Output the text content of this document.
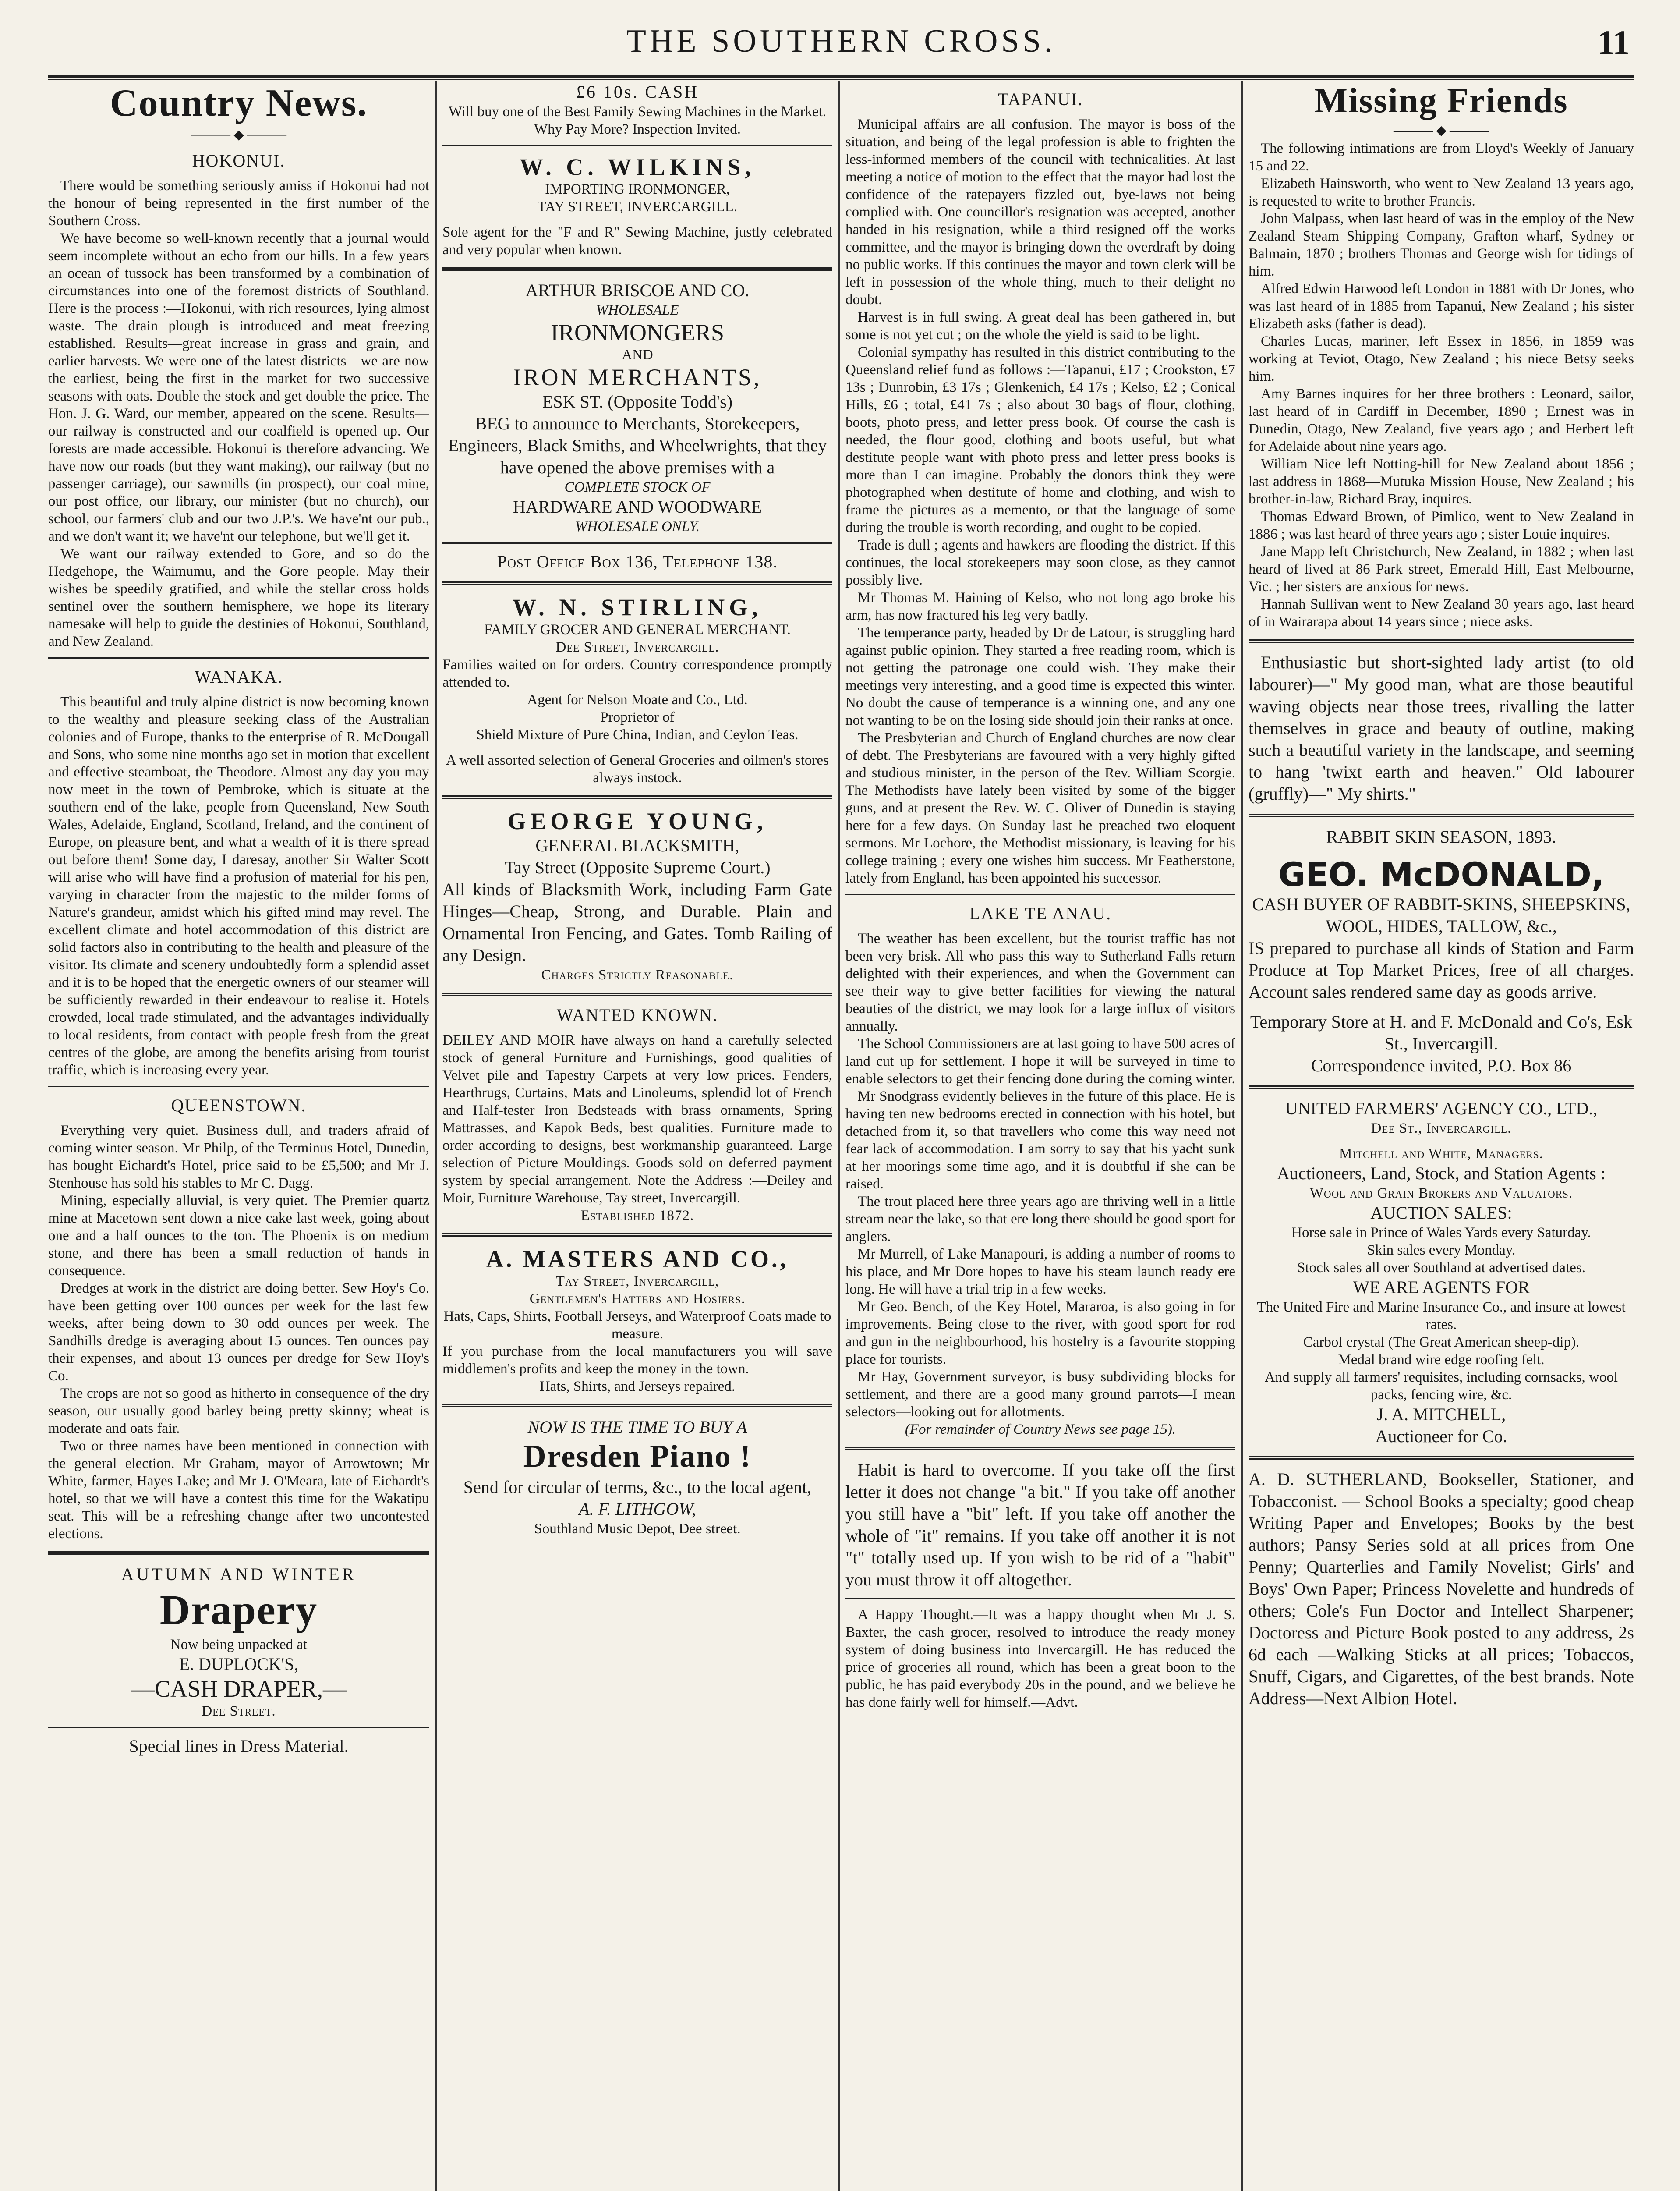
THE SOUTHERN CROSS.	11
Country News.
——— ◆ ———
HOKONUI.

There would be something seriously amiss if Hokonui had not the honour of being represented in the first number of the Southern Cross.

We have become so well-known recently that a journal would seem incomplete without an echo from our hills. In a few years an ocean of tussock has been transformed by a combination of circumstances into one of the foremost districts of Southland. Here is the process :—Hokonui, with rich resources, lying almost waste. The drain plough is introduced and meat freezing established. Results—great increase in grass and grain, and earlier harvests. We were one of the latest districts—we are now the earliest, being the first in the market for two successive seasons with oats. Double the stock and get double the price. The Hon. J. G. Ward, our member, appeared on the scene. Results—our railway is constructed and our coalfield is opened up. Our forests are made accessible. Hokonui is therefore advancing. We have now our roads (but they want making), our railway (but no passenger carriage), our sawmills (in prospect), our coal mine, our post office, our library, our minister (but no church), our school, our farmers' club and our two J.P.'s. We have'nt our pub., and we don't want it; we have'nt our telephone, but we'll get it.

We want our railway extended to Gore, and so do the Hedgehope, the Waimumu, and the Gore people. May their wishes be speedily gratified, and while the stellar cross holds sentinel over the southern hemisphere, we hope its literary namesake will help to guide the destinies of Hokonui, Southland, and New Zealand.

WANAKA.

This beautiful and truly alpine district is now becoming known to the wealthy and pleasure seeking class of the Australian colonies and of Europe, thanks to the enterprise of R. McDougall and Sons, who some nine months ago set in motion that excellent and effective steamboat, the Theodore. Almost any day you may now meet in the town of Pembroke, which is situate at the southern end of the lake, people from Queensland, New South Wales, Adelaide, England, Scotland, Ireland, and the continent of Europe, on pleasure bent, and what a wealth of it is there spread out before them! Some day, I daresay, another Sir Walter Scott will arise who will have find a profusion of material for his pen, varying in character from the majestic to the milder forms of Nature's grandeur, amidst which his gifted mind may revel. The excellent climate and hotel accommodation of this district are solid factors also in contributing to the health and pleasure of the visitor. Its climate and scenery undoubtedly form a splendid asset and it is to be hoped that the energetic owners of our steamer will be sufficiently rewarded in their endeavour to realise it. Hotels crowded, local trade stimulated, and the advantages individually to local residents, from contact with people fresh from the great centres of the globe, are among the benefits arising from tourist traffic, which is increasing every year.

QUEENSTOWN.

Everything very quiet. Business dull, and traders afraid of coming winter season. Mr Philp, of the Terminus Hotel, Dunedin, has bought Eichardt's Hotel, price said to be £5,500; and Mr J. Stenhouse has sold his stables to Mr C. Dagg.

Mining, especially alluvial, is very quiet. The Premier quartz mine at Macetown sent down a nice cake last week, going about one and a half ounces to the ton. The Phoenix is on medium stone, and there has been a small reduction of hands in consequence.

Dredges at work in the district are doing better. Sew Hoy's Co. have been getting over 100 ounces per week for the last few weeks, after being down to 30 odd ounces per week. The Sandhills dredge is averaging about 15 ounces. Ten ounces pay their expenses, and about 13 ounces per dredge for Sew Hoy's Co.

The crops are not so good as hitherto in consequence of the dry season, our usually good barley being pretty skinny; wheat is moderate and oats fair.

Two or three names have been mentioned in connection with the general election. Mr Graham, mayor of Arrowtown; Mr White, farmer, Hayes Lake; and Mr J. O'Meara, late of Eichardt's hotel, so that we will have a contest this time for the Wakatipu seat. This will be a refreshing change after two uncontested elections.

AUTUMN AND WINTER

Drapery

Now being unpacked at

E. DUPLOCK'S,

—CASH DRAPER,—

Dee Street.

Special lines in Dress Material.

£6 10s. CASH

Will buy one of the Best Family Sewing Machines in the Market.

Why Pay More? Inspection Invited.

W. C. WILKINS,

IMPORTING IRONMONGER,

TAY STREET, INVERCARGILL.

Sole agent for the "F and R" Sewing Machine, justly celebrated and very popular when known.

ARTHUR BRISCOE AND CO.

WHOLESALE

IRONMONGERS

AND

IRON MERCHANTS,

ESK ST. (Opposite Todd's)

BEG to announce to Merchants, Storekeepers, Engineers, Black Smiths, and Wheelwrights, that they have opened the above premises with a

COMPLETE STOCK OF

HARDWARE AND WOODWARE

WHOLESALE ONLY.

Post Office Box 136, Telephone 138.

W. N. STIRLING,

FAMILY GROCER AND GENERAL MERCHANT.

Dee Street, Invercargill.

Families waited on for orders. Country correspondence promptly attended to.

Agent for Nelson Moate and Co., Ltd.

Proprietor of

Shield Mixture of Pure China, Indian, and Ceylon Teas.

A well assorted selection of General Groceries and oilmen's stores always instock.

GEORGE YOUNG,

GENERAL BLACKSMITH,

Tay Street (Opposite Supreme Court.)

All kinds of Blacksmith Work, including Farm Gate Hinges—Cheap, Strong, and Durable. Plain and Ornamental Iron Fencing, and Gates. Tomb Railing of any Design.

Charges Strictly Reasonable.

WANTED KNOWN.

DEILEY AND MOIR have always on hand a carefully selected stock of general Furniture and Furnishings, good qualities of Velvet pile and Tapestry Carpets at very low prices. Fenders, Hearthrugs, Curtains, Mats and Linoleums, splendid lot of French and Half-tester Iron Bedsteads with brass ornaments, Spring Mattrasses, and Kapok Beds, best qualities. Furniture made to order according to designs, best workmanship guaranteed. Large selection of Picture Mouldings. Goods sold on deferred payment system by special arrangement. Note the Address :—Deiley and Moir, Furniture Warehouse, Tay street, Invercargill.

Established 1872.

A. MASTERS AND CO.,

Tay Street, Invercargill,

Gentlemen's Hatters and Hosiers.

Hats, Caps, Shirts, Football Jerseys, and Waterproof Coats made to measure.

If you purchase from the local manufacturers you will save middlemen's profits and keep the money in the town.

Hats, Shirts, and Jerseys repaired.

NOW IS THE TIME TO BUY A

Dresden Piano !

Send for circular of terms, &c., to the local agent,

A. F. LITHGOW,

Southland Music Depot, Dee street.

TAPANUI.

Municipal affairs are all confusion. The mayor is boss of the situation, and being of the legal profession is able to frighten the less-informed members of the council with technicalities. At last meeting a notice of motion to the effect that the mayor had lost the confidence of the ratepayers fizzled out, bye-laws not being complied with. One councillor's resignation was accepted, another handed in his resignation, while a third resigned off the works committee, and the mayor is bringing down the overdraft by doing no public works. If this continues the mayor and town clerk will be left in possession of the whole thing, much to their delight no doubt.

Harvest is in full swing. A great deal has been gathered in, but some is not yet cut ; on the whole the yield is said to be light.

Colonial sympathy has resulted in this district contributing to the Queensland relief fund as follows :—Tapanui, £17 ; Crookston, £7 13s ; Dunrobin, £3 17s ; Glenkenich, £4 17s ; Kelso, £2 ; Conical Hills, £6 ; total, £41 7s ; also about 30 bags of flour, clothing, boots, photo press, and letter press book. Of course the cash is needed, the flour good, clothing and boots useful, but what destitute people want with photo press and letter press books is more than I can imagine. Probably the donors think they were photographed when destitute of home and clothing, and wish to frame the pictures as a memento, or that the language of some during the trouble is worth recording, and ought to be copied.

Trade is dull ; agents and hawkers are flooding the district. If this continues, the local storekeepers may soon close, as they cannot possibly live.

Mr Thomas M. Haining of Kelso, who not long ago broke his arm, has now fractured his leg very badly.

The temperance party, headed by Dr de Latour, is struggling hard against public opinion. They started a free reading room, which is not getting the patronage one could wish. They make their meetings very interesting, and a good time is expected this winter. No doubt the cause of temperance is a winning one, and any one not wanting to be on the losing side should join their ranks at once.

The Presbyterian and Church of England churches are now clear of debt. The Presbyterians are favoured with a very highly gifted and studious minister, in the person of the Rev. William Scorgie. The Methodists have lately been visited by some of the bigger guns, and at present the Rev. W. C. Oliver of Dunedin is staying here for a few days. On Sunday last he preached two eloquent sermons. Mr Lochore, the Methodist missionary, is leaving for his college training ; every one wishes him success. Mr Featherstone, lately from England, has been appointed his successor.

LAKE TE ANAU.

The weather has been excellent, but the tourist traffic has not been very brisk. All who pass this way to Sutherland Falls return delighted with their experiences, and when the Government can see their way to give better facilities for viewing the natural beauties of the district, we may look for a large influx of visitors annually.

The School Commissioners are at last going to have 500 acres of land cut up for settlement. I hope it will be surveyed in time to enable selectors to get their fencing done during the coming winter.

Mr Snodgrass evidently believes in the future of this place. He is having ten new bedrooms erected in connection with his hotel, but detached from it, so that travellers who come this way need not fear lack of accommodation. I am sorry to say that his yacht sunk at her moorings some time ago, and it is doubtful if she can be raised.

The trout placed here three years ago are thriving well in a little stream near the lake, so that ere long there should be good sport for anglers.

Mr Murrell, of Lake Manapouri, is adding a number of rooms to his place, and Mr Dore hopes to have his steam launch ready ere long. He will have a trial trip in a few weeks.

Mr Geo. Bench, of the Key Hotel, Mararoa, is also going in for improvements. Being close to the river, with good sport for rod and gun in the neighbourhood, his hostelry is a favourite stopping place for tourists.

Mr Hay, Government surveyor, is busy subdividing blocks for settlement, and there are a good many ground parrots—I mean selectors—looking out for allotments.

(For remainder of Country News see page 15).

Habit is hard to overcome. If you take off the first letter it does not change "a bit." If you take off another you still have a "bit" left. If you take off another the whole of "it" remains. If you take off another it is not "t" totally used up. If you wish to be rid of a "habit" you must throw it off altogether.

A Happy Thought.—It was a happy thought when Mr J. S. Baxter, the cash grocer, resolved to introduce the ready money system of doing business into Invercargill. He has reduced the price of groceries all round, which has been a great boon to the public, he has paid everybody 20s in the pound, and we believe he has done fairly well for himself.—Advt.

Missing Friends
——— ◆ ———

The following intimations are from Lloyd's Weekly of January 15 and 22.

Elizabeth Hainsworth, who went to New Zealand 13 years ago, is requested to write to brother Francis.

John Malpass, when last heard of was in the employ of the New Zealand Steam Shipping Company, Grafton wharf, Sydney or Balmain, 1870 ; brothers Thomas and George wish for tidings of him.

Alfred Edwin Harwood left London in 1881 with Dr Jones, who was last heard of in 1885 from Tapanui, New Zealand ; his sister Elizabeth asks (father is dead).

Charles Lucas, mariner, left Essex in 1856, in 1859 was working at Teviot, Otago, New Zealand ; his niece Betsy seeks him.

Amy Barnes inquires for her three brothers : Leonard, sailor, last heard of in Cardiff in December, 1890 ; Ernest was in Dunedin, Otago, New Zealand, five years ago ; and Herbert left for Adelaide about nine years ago.

William Nice left Notting-hill for New Zealand about 1856 ; last address in 1868—Mutuka Mission House, New Zealand ; his brother-in-law, Richard Bray, inquires.

Thomas Edward Brown, of Pimlico, went to New Zealand in 1886 ; was last heard of three years ago ; sister Louie inquires.

Jane Mapp left Christchurch, New Zealand, in 1882 ; when last heard of lived at 86 Park street, Emerald Hill, East Melbourne, Vic. ; her sisters are anxious for news.

Hannah Sullivan went to New Zealand 30 years ago, last heard of in Wairarapa about 14 years since ; niece asks.

Enthusiastic but short-sighted lady artist (to old labourer)—" My good man, what are those beautiful waving objects near those trees, rivalling the latter themselves in grace and beauty of outline, making such a beautiful variety in the landscape, and seeming to hang 'twixt earth and heaven." Old labourer (gruffly)—" My shirts."

RABBIT SKIN SEASON, 1893.

GEO. McDONALD,

CASH BUYER OF RABBIT-SKINS, SHEEPSKINS, WOOL, HIDES, TALLOW, &c.,

IS prepared to purchase all kinds of Station and Farm Produce at Top Market Prices, free of all charges. Account sales rendered same day as goods arrive.

Temporary Store at H. and F. McDonald and Co's, Esk St., Invercargill.

Correspondence invited, P.O. Box 86

UNITED FARMERS' AGENCY CO., LTD.,

Dee St., Invercargill.

Mitchell and White, Managers.

Auctioneers, Land, Stock, and Station Agents :

Wool and Grain Brokers and Valuators.

AUCTION SALES:

Horse sale in Prince of Wales Yards every Saturday.

Skin sales every Monday.

Stock sales all over Southland at advertised dates.

WE ARE AGENTS FOR

The United Fire and Marine Insurance Co., and insure at lowest rates.

Carbol crystal (The Great American sheep-dip).

Medal brand wire edge roofing felt.

And supply all farmers' requisites, including cornsacks, wool packs, fencing wire, &c.

J. A. MITCHELL,

Auctioneer for Co.

A. D. SUTHERLAND, Bookseller, Stationer, and Tobacconist. — School Books a specialty; good cheap Writing Paper and Envelopes; Books by the best authors; Pansy Series sold at all prices from One Penny; Quarterlies and Family Novelist; Girls' and Boys' Own Paper; Princess Novelette and hundreds of others; Cole's Fun Doctor and Intellect Sharpener; Doctoress and Picture Book posted to any address, 2s 6d each —Walking Sticks at all prices; Tobaccos, Snuff, Cigars, and Cigarettes, of the best brands. Note Address—Next Albion Hotel.
